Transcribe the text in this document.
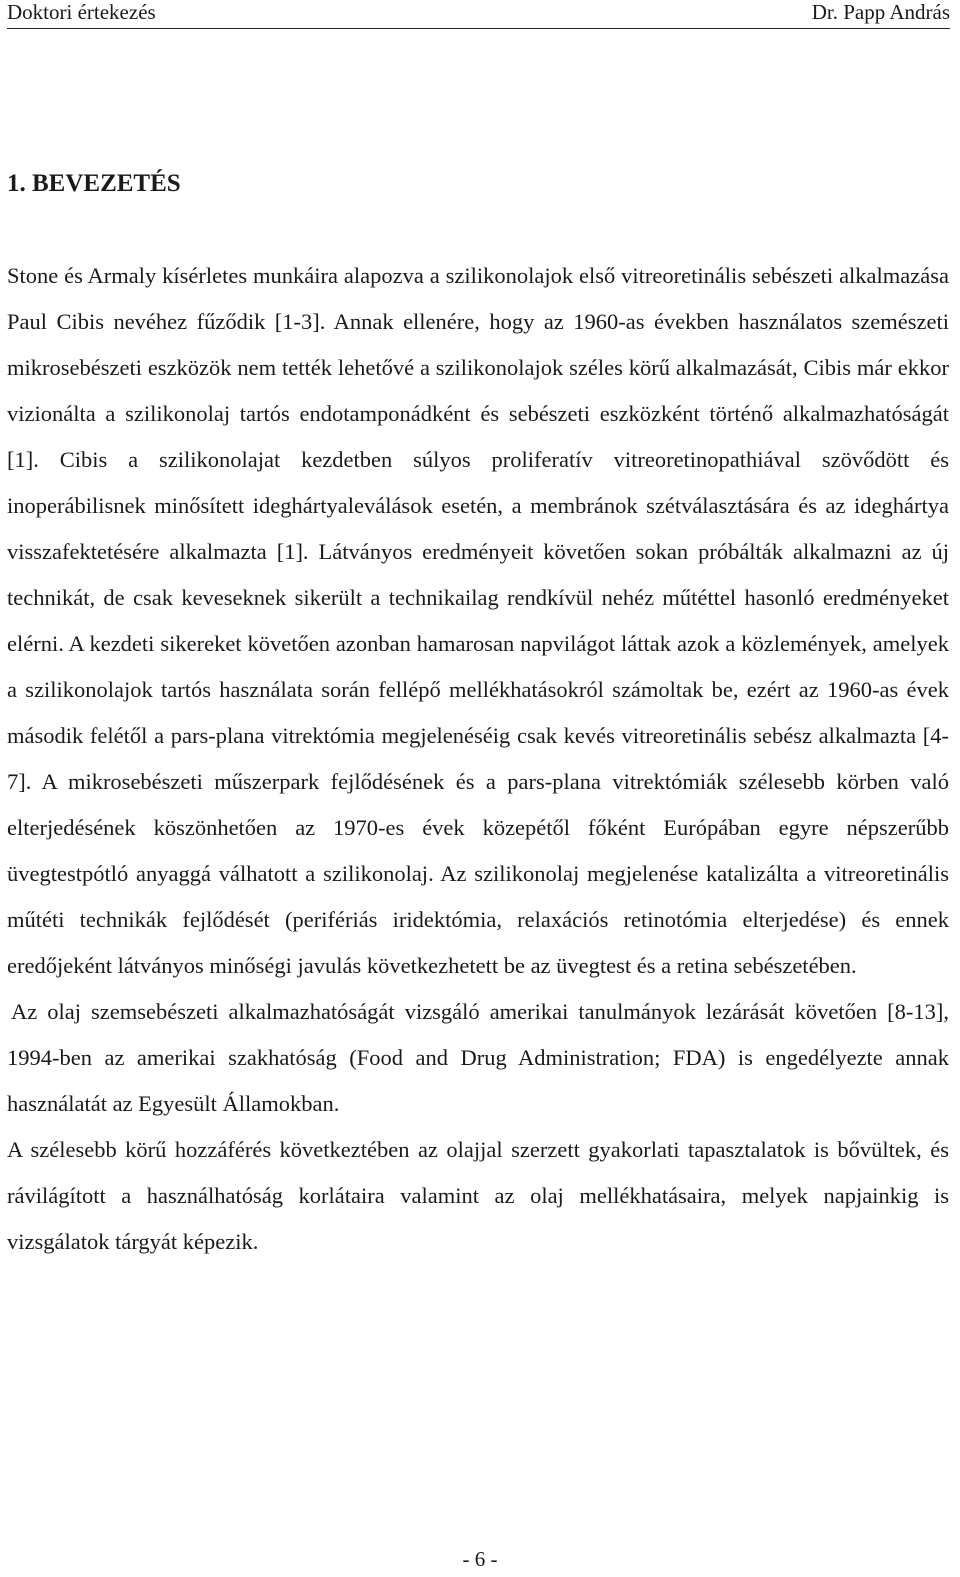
Doktori értekezés	Dr. Papp András
1. BEVEZETÉS

Stone és Armaly kísérletes munkáira alapozva a szilikonolajok első vitreoretinális sebészeti alkalmazása Paul Cibis nevéhez fűződik [1-3]. Annak ellenére, hogy az 1960-as években használatos szemészeti mikrosebészeti eszközök nem tették lehetővé a szilikonolajok széles körű alkalmazását, Cibis már ekkor vizionálta a szilikonolaj tartós endotamponádként és sebészeti eszközként történő alkalmazhatóságát [1]. Cibis a szilikonolajat kezdetben súlyos proliferatív vitreoretinopathiával szövődött és inoperábilisnek minősített ideghártyaleválások esetén, a membránok szétválasztására és az ideghártya visszafektetésére alkalmazta [1]. Látványos eredményeit követően sokan próbálták alkalmazni az új technikát, de csak keveseknek sikerült a technikailag rendkívül nehéz műtéttel hasonló eredményeket elérni. A kezdeti sikereket követően azonban hamarosan napvilágot láttak azok a közlemények, amelyek a szilikonolajok tartós használata során fellépő mellékhatásokról számoltak be, ezért az 1960-as évek második felétől a pars-plana vitrektómia megjelenéséig csak kevés vitreoretinális sebész alkalmazta [4-7]. A mikrosebészeti műszerpark fejlődésének és a pars-plana vitrektómiák szélesebb körben való elterjedésének köszönhetően az 1970-es évek közepétől főként Európában egyre népszerűbb üvegtestpótló anyaggá válhatott a szilikonolaj. Az szilikonolaj megjelenése katalizálta a vitreoretinális műtéti technikák fejlődését (perifériás iridektómia, relaxációs retinotómia elterjedése) és ennek eredőjeként látványos minőségi javulás következhetett be az üvegtest és a retina sebészetében.

Az olaj szemsebészeti alkalmazhatóságát vizsgáló amerikai tanulmányok lezárását követően [8-13], 1994-ben az amerikai szakhatóság (Food and Drug Administration; FDA) is engedélyezte annak használatát az Egyesült Államokban.

A szélesebb körű hozzáférés következtében az olajjal szerzett gyakorlati tapasztalatok is bővültek, és rávilágított a használhatóság korlátaira valamint az olaj mellékhatásaira, melyek napjainkig is vizsgálatok tárgyát képezik.

- 6 -
